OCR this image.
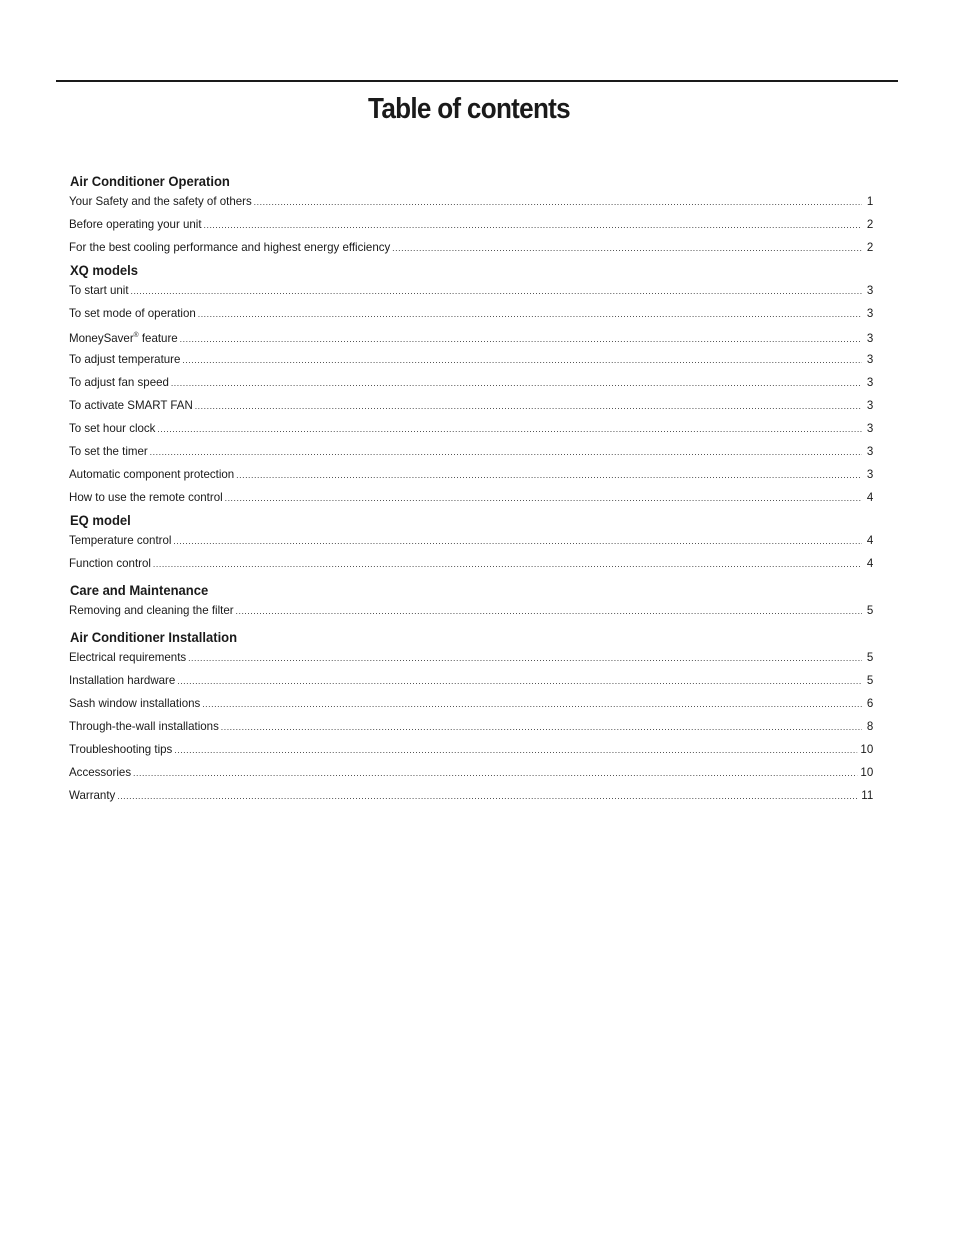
Table of contents
Air Conditioner Operation
Your Safety and the safety of others .....	1
Before operating your unit .....	2
For the best cooling performance and highest energy efficiency .....	2
XQ models
To start unit .....	3
To set mode of operation .....	3
MoneySaver® feature .....	3
To adjust temperature .....	3
To adjust fan speed .....	3
To activate SMART FAN .....	3
To set hour clock .....	3
To set the timer .....	3
Automatic component protection .....	3
How to use the remote control .....	4
EQ model
Temperature control .....	4
Function control .....	4
Care and Maintenance
Removing and cleaning the filter .....	5
Air Conditioner Installation
Electrical requirements .....	5
Installation hardware .....	5
Sash window installations .....	6
Through-the-wall installations .....	8
Troubleshooting tips .....	10
Accessories .....	10
Warranty .....	11
